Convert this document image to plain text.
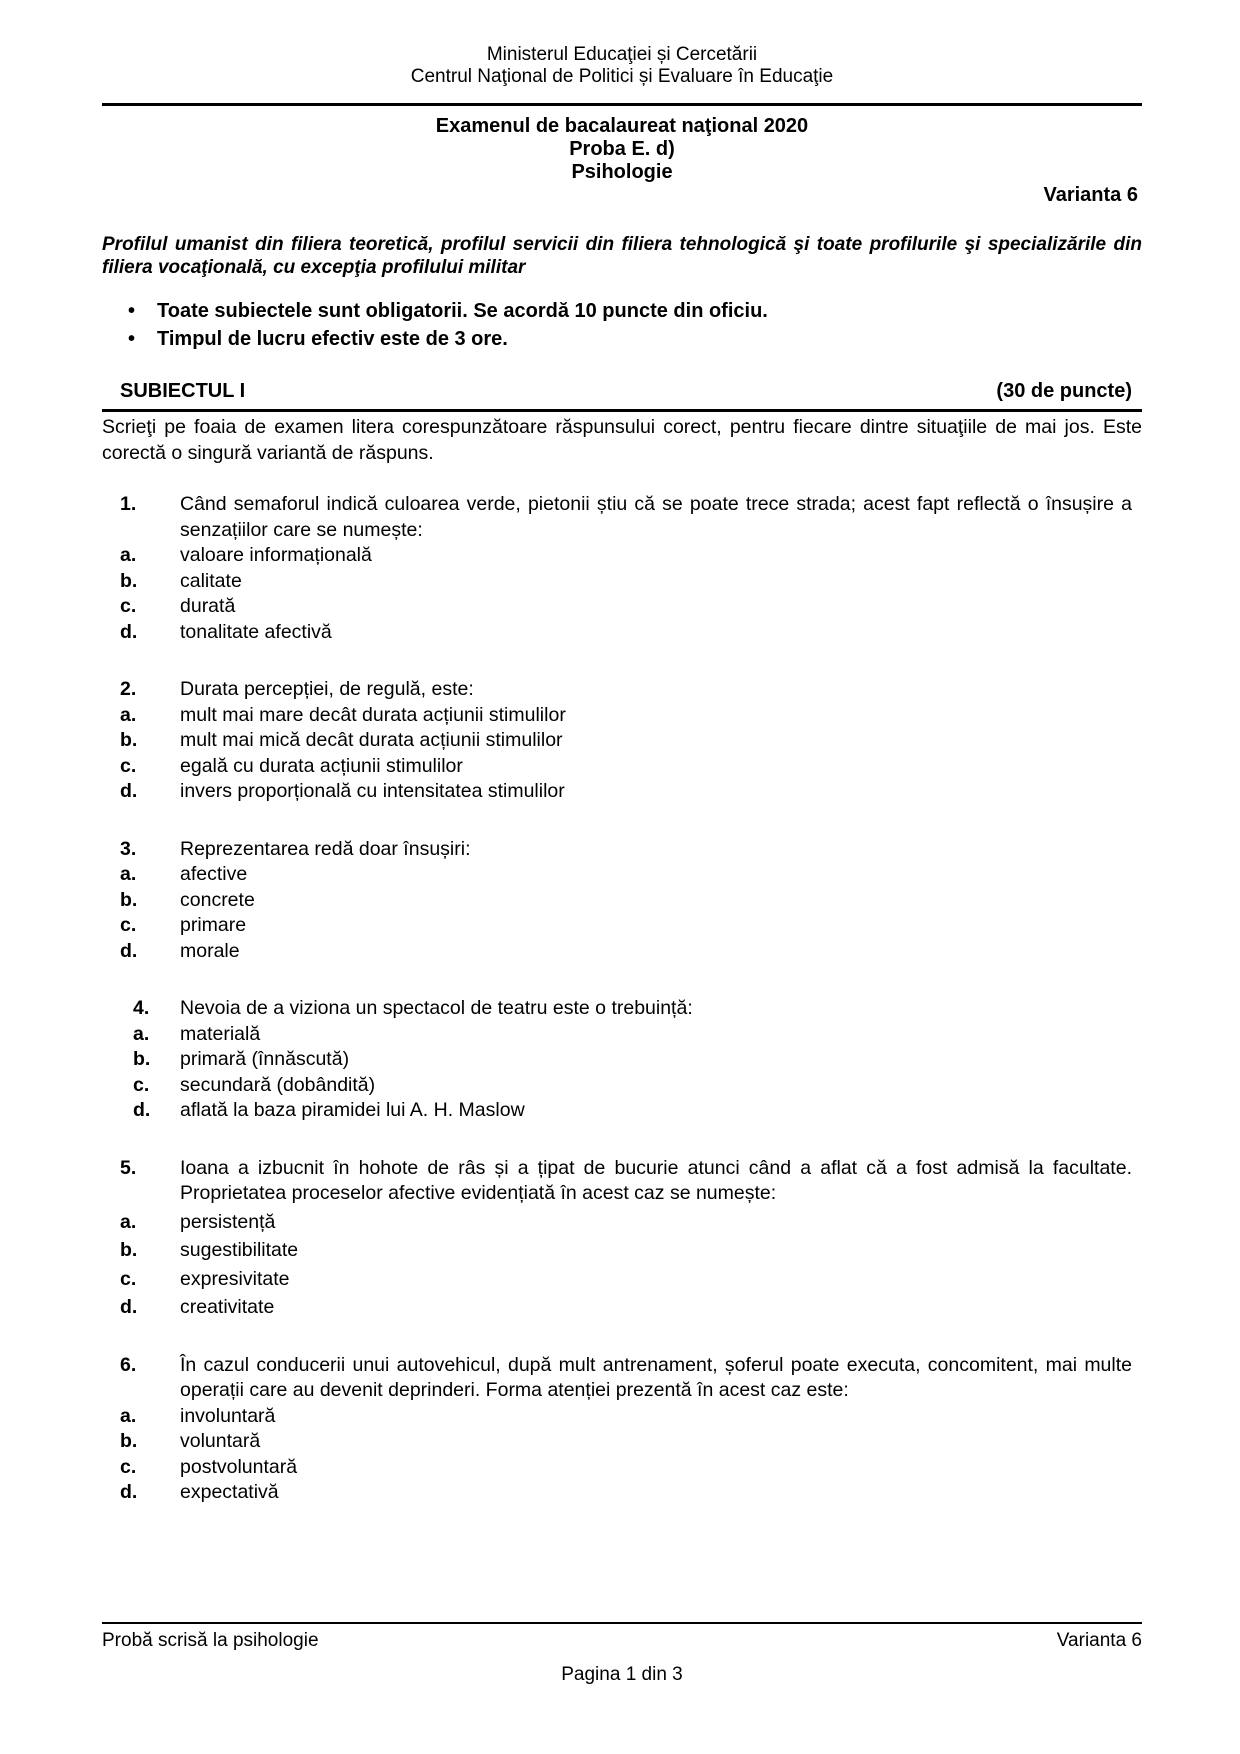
Ministerul Educaţiei și Cercetării
Centrul Naţional de Politici și Evaluare în Educaţie
Examenul de bacalaureat naţional 2020
Proba E. d)
Psihologie
Varianta 6

Profilul umanist din filiera teoretică, profilul servicii din filiera tehnologică şi toate profilurile şi specializările din filiera vocaţională, cu excepţia profilului militar

• Toate subiectele sunt obligatorii. Se acordă 10 puncte din oficiu.
• Timpul de lucru efectiv este de 3 ore.
SUBIECTUL I	(30 de puncte)

Scrieţi pe foaia de examen litera corespunzătoare răspunsului corect, pentru fiecare dintre situaţiile de mai jos. Este corectă o singură variantă de răspuns.

1.	Când semaforul indică culoarea verde, pietonii știu că se poate trece strada; acest fapt reflectă o însușire a senzațiilor care se numește:

a.	valoare informațională

b.	calitate

c.	durată

d.	tonalitate afectivă

2.	Durata percepției, de regulă, este:

a.	mult mai mare decât durata acțiunii stimulilor

b.	mult mai mică decât durata acțiunii stimulilor

c.	egală cu durata acțiunii stimulilor

d.	invers proporțională cu intensitatea stimulilor

3.	Reprezentarea redă doar însușiri:

a.	afective

b.	concrete

c.	primare

d.	morale

4.	Nevoia de a viziona un spectacol de teatru este o trebuință:

a.	materială

b.	primară (înnăscută)

c.	secundară (dobândită)

d.	aflată la baza piramidei lui A. H. Maslow

5.	Ioana a izbucnit în hohote de râs și a țipat de bucurie atunci când a aflat că a fost admisă la facultate. Proprietatea proceselor afective evidențiată în acest caz se numește:

a.	persistență

b.	sugestibilitate

c.	expresivitate

d.	creativitate

6.	În cazul conducerii unui autovehicul, după mult antrenament, șoferul poate executa, concomitent, mai multe operații care au devenit deprinderi. Forma atenției prezentă în acest caz este:

a.	involuntară

b.	voluntară

c.	postvoluntară

d.	expectativă

Probă scrisă la psihologie	Varianta 6
Pagina 1 din 3
